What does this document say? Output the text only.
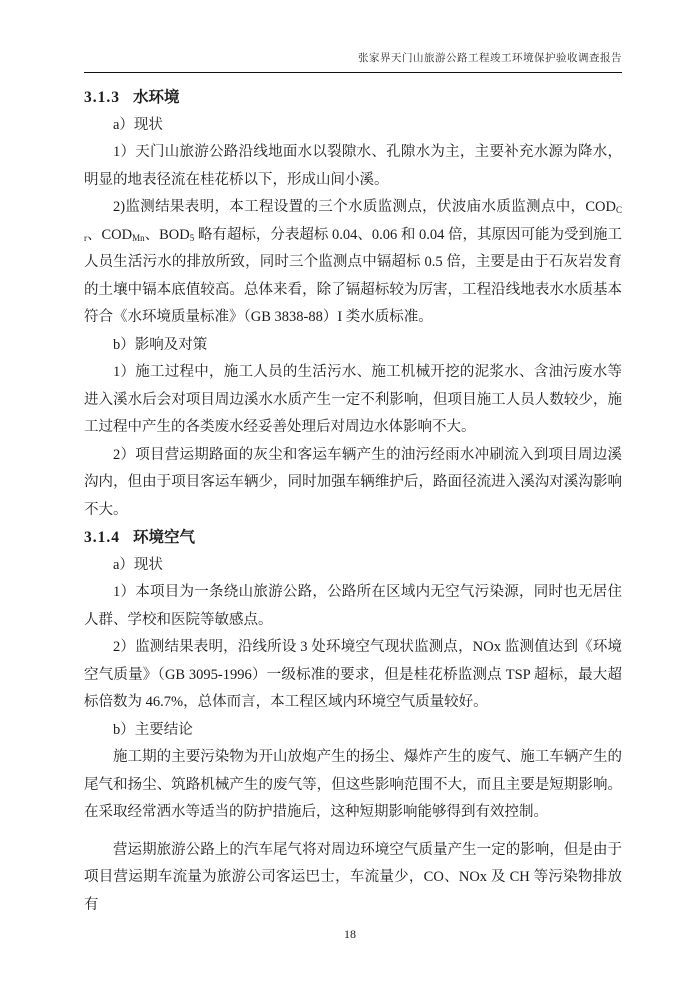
张家界天门山旅游公路工程竣工环境保护验收调查报告
3.1.3 水环境

a）现状

1）天门山旅游公路沿线地面水以裂隙水、孔隙水为主，主要补充水源为降水，明显的地表径流在桂花桥以下，形成山间小溪。

2)监测结果表明，本工程设置的三个水质监测点，伏波庙水质监测点中，$COD_{Cr}$、$COD_{Mn}$、$BOD_5$ 略有超标，分表超标 0.04、0.06 和 0.04 倍，其原因可能为受到施工人员生活污水的排放所致，同时三个监测点中镉超标 0.5 倍，主要是由于石灰岩发育的土壤中镉本底值较高。总体来看，除了镉超标较为厉害，工程沿线地表水水质基本符合《水环境质量标准》（GB 3838-88）I 类水质标准。

b）影响及对策

1）施工过程中，施工人员的生活污水、施工机械开挖的泥浆水、含油污废水等进入溪水后会对项目周边溪水水质产生一定不利影响，但项目施工人员人数较少，施工过程中产生的各类废水经妥善处理后对周边水体影响不大。

2）项目营运期路面的灰尘和客运车辆产生的油污经雨水冲刷流入到项目周边溪沟内，但由于项目客运车辆少，同时加强车辆维护后，路面径流进入溪沟对溪沟影响不大。

3.1.4 环境空气

a）现状

1）本项目为一条绕山旅游公路，公路所在区域内无空气污染源，同时也无居住人群、学校和医院等敏感点。

2）监测结果表明，沿线所设 3 处环境空气现状监测点，NOx 监测值达到《环境空气质量》（GB 3095-1996）一级标准的要求，但是桂花桥监测点 TSP 超标，最大超标倍数为 46.7%，总体而言，本工程区域内环境空气质量较好。

b）主要结论

施工期的主要污染物为开山放炮产生的扬尘、爆炸产生的废气、施工车辆产生的尾气和扬尘、筑路机械产生的废气等，但这些影响范围不大，而且主要是短期影响。在采取经常洒水等适当的防护措施后，这种短期影响能够得到有效控制。

营运期旅游公路上的汽车尾气将对周边环境空气质量产生一定的影响，但是由于项目营运期车流量为旅游公司客运巴士，车流量少，CO、NOx 及 CH 等污染物排放有

18
